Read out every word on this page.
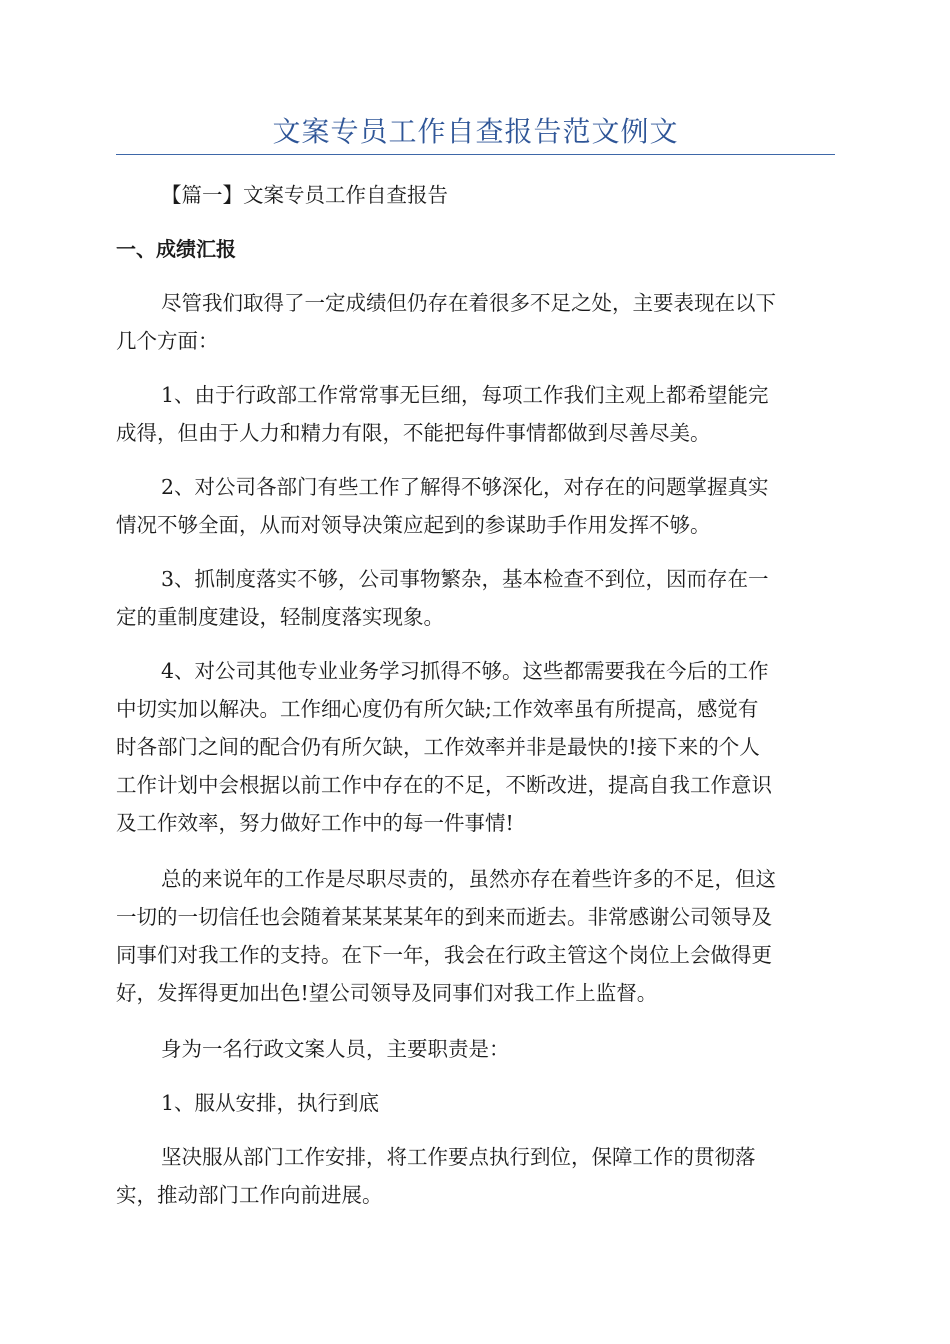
文案专员工作自查报告范文例文
【篇一】文案专员工作自查报告
一、成绩汇报
尽管我们取得了一定成绩但仍存在着很多不足之处，主要表现在以下
几个方面：
1、由于行政部工作常常事无巨细，每项工作我们主观上都希望能完
成得，但由于人力和精力有限，不能把每件事情都做到尽善尽美。
2、对公司各部门有些工作了解得不够深化，对存在的问题掌握真实
情况不够全面，从而对领导决策应起到的参谋助手作用发挥不够。
3、抓制度落实不够，公司事物繁杂，基本检查不到位，因而存在一
定的重制度建设，轻制度落实现象。
4、对公司其他专业业务学习抓得不够。这些都需要我在今后的工作
中切实加以解决。工作细心度仍有所欠缺;工作效率虽有所提高，感觉有
时各部门之间的配合仍有所欠缺，工作效率并非是最快的!接下来的个人
工作计划中会根据以前工作中存在的不足，不断改进，提高自我工作意识
及工作效率，努力做好工作中的每一件事情!
总的来说年的工作是尽职尽责的，虽然亦存在着些许多的不足，但这
一切的一切信任也会随着某某某某年的到来而逝去。非常感谢公司领导及
同事们对我工作的支持。在下一年，我会在行政主管这个岗位上会做得更
好，发挥得更加出色!望公司领导及同事们对我工作上监督。
身为一名行政文案人员，主要职责是：
1、服从安排，执行到底
坚决服从部门工作安排，将工作要点执行到位，保障工作的贯彻落
实，推动部门工作向前进展。
